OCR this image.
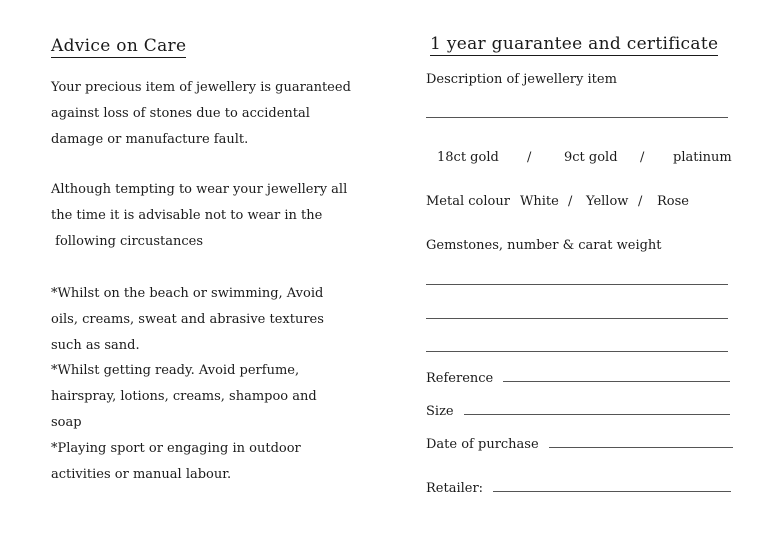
Advice on Care
Your precious item of jewellery is guaranteed
against loss of stones due to accidental
damage or manufacture fault.
Although tempting to wear your jewellery all
the time it is advisable not to wear in the
following circustances
*Whilst on the beach or swimming, Avoid
oils, creams, sweat and abrasive textures
such as sand.
*Whilst getting ready. Avoid perfume,
hairspray, lotions, creams, shampoo and
soap
*Playing sport or engaging in outdoor
activities or manual labour.
1 year guarantee and certificate
Description of jewellery item
18ct gold /	9ct gold / platinum
Metal colour White / Yellow / Rose
Gemstones, number & carat weight
Reference
Size
Date of purchase
Retailer:
